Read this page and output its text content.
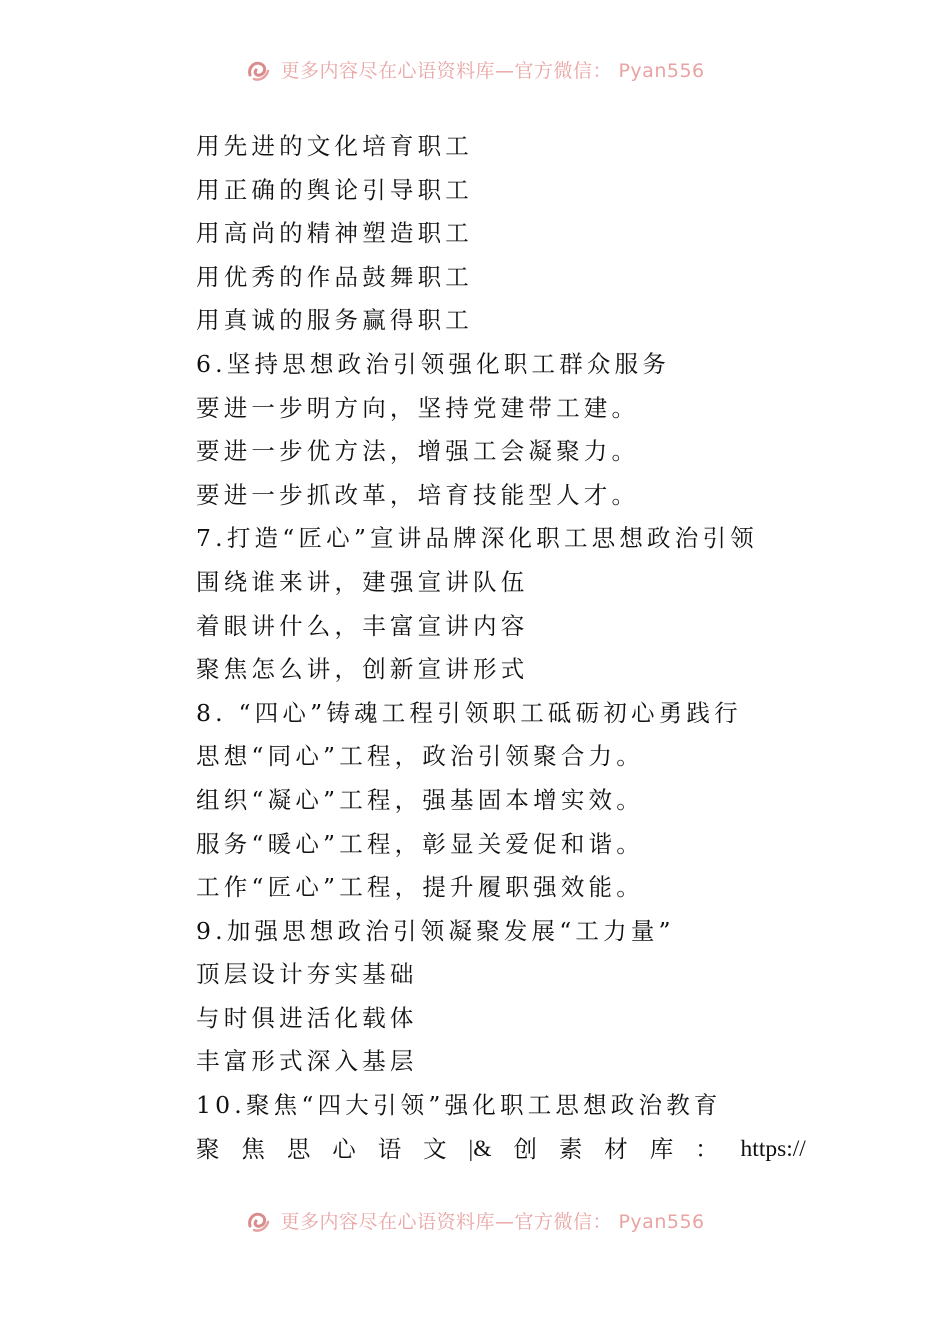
更多内容尽在心语资料库—官方微信： Pyan556
用先进的文化培育职工
用正确的舆论引导职工
用高尚的精神塑造职工
用优秀的作品鼓舞职工
用真诚的服务赢得职工
6.坚持思想政治引领强化职工群众服务
要进一步明方向，坚持党建带工建。
要进一步优方法，增强工会凝聚力。
要进一步抓改革，培育技能型人才。
7.打造“匠心”宣讲品牌深化职工思想政治引领
围绕谁来讲，建强宣讲队伍
着眼讲什么，丰富宣讲内容
聚焦怎么讲，创新宣讲形式
8. “四心”铸魂工程引领职工砥砺初心勇践行
思想“同心”工程，政治引领聚合力。
组织“凝心”工程，强基固本增实效。
服务“暖心”工程，彰显关爱促和谐。
工作“匠心”工程，提升履职强效能。
9.加强思想政治引领凝聚发展“工力量”
顶层设计夯实基础
与时俱进活化载体
丰富形式深入基层
10.聚焦“四大引领”强化职工思想政治教育
聚 焦 思 心 语 文 |& 创 素 材 库 ： https://
更多内容尽在心语资料库—官方微信： Pyan556
